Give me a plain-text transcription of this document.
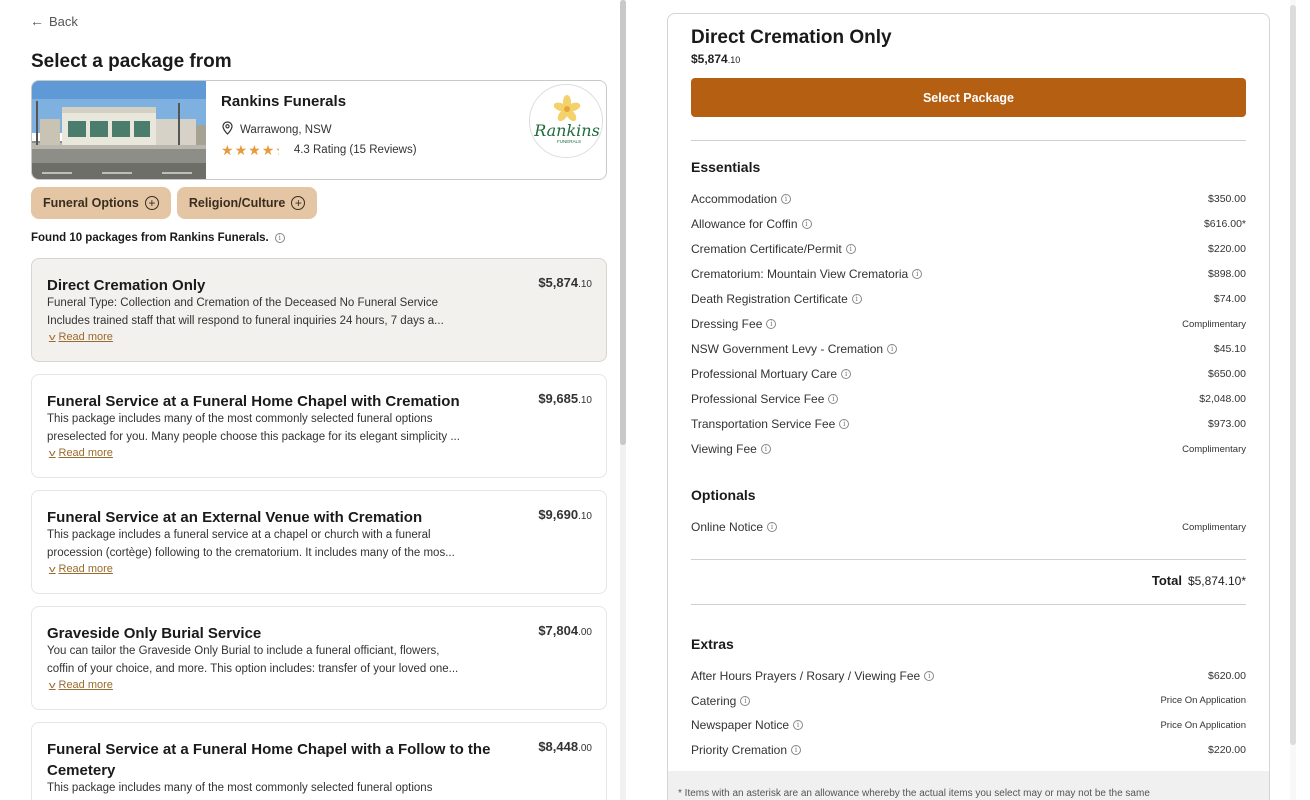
← Back
Select a package from
Rankins Funerals
Warrawong, NSW
★ ★ ★ ★ ★ 4.3 Rating (15 Reviews)
Rankins
FUNERALS
Funeral Options +	Religion/Culture +
Found 10 packages from Rankins Funerals.	i
Direct Cremation Only	$5,874.10
Funeral Type: Collection and Cremation of the Deceased No Funeral Service
Includes trained staff that will respond to funeral inquiries 24 hours, 7 days a...
v Read more
Funeral Service at a Funeral Home Chapel with Cremation	$9,685.10
This package includes many of the most commonly selected funeral options
preselected for you. Many people choose this package for its elegant simplicity ...
v Read more
Funeral Service at an External Venue with Cremation	$9,690.10
This package includes a funeral service at a chapel or church with a funeral
procession (cortège) following to the crematorium. It includes many of the mos...
v Read more
Graveside Only Burial Service	$7,804.00
You can tailor the Graveside Only Burial to include a funeral officiant, flowers,
coffin of your choice, and more. This option includes: transfer of your loved one...
v Read more
Funeral Service at a Funeral Home Chapel with a Follow to the Cemetery
$8,448.00
This package includes many of the most commonly selected funeral options
Direct Cremation Only
$5,874.10
Select Package
Essentials
Accommodation	i	$350.00
Allowance for Coffin	i	$616.00*
Cremation Certificate/Permit	i	$220.00
Crematorium: Mountain View Crematoria	i	$898.00
Death Registration Certificate	i	$74.00
Dressing Fee	i	Complimentary
NSW Government Levy - Cremation	i	$45.10
Professional Mortuary Care	i	$650.00
Professional Service Fee	i	$2,048.00
Transportation Service Fee	i	$973.00
Viewing Fee	i	Complimentary
Optionals
Online Notice	i	Complimentary
Total $5,874.10*
Extras
After Hours Prayers / Rosary / Viewing Fee	i	$620.00
Catering	i	Price On Application
Newspaper Notice	i	Price On Application
Priority Cremation	i	$220.00
* Items with an asterisk are an allowance whereby the actual items you select may or may not be the same
